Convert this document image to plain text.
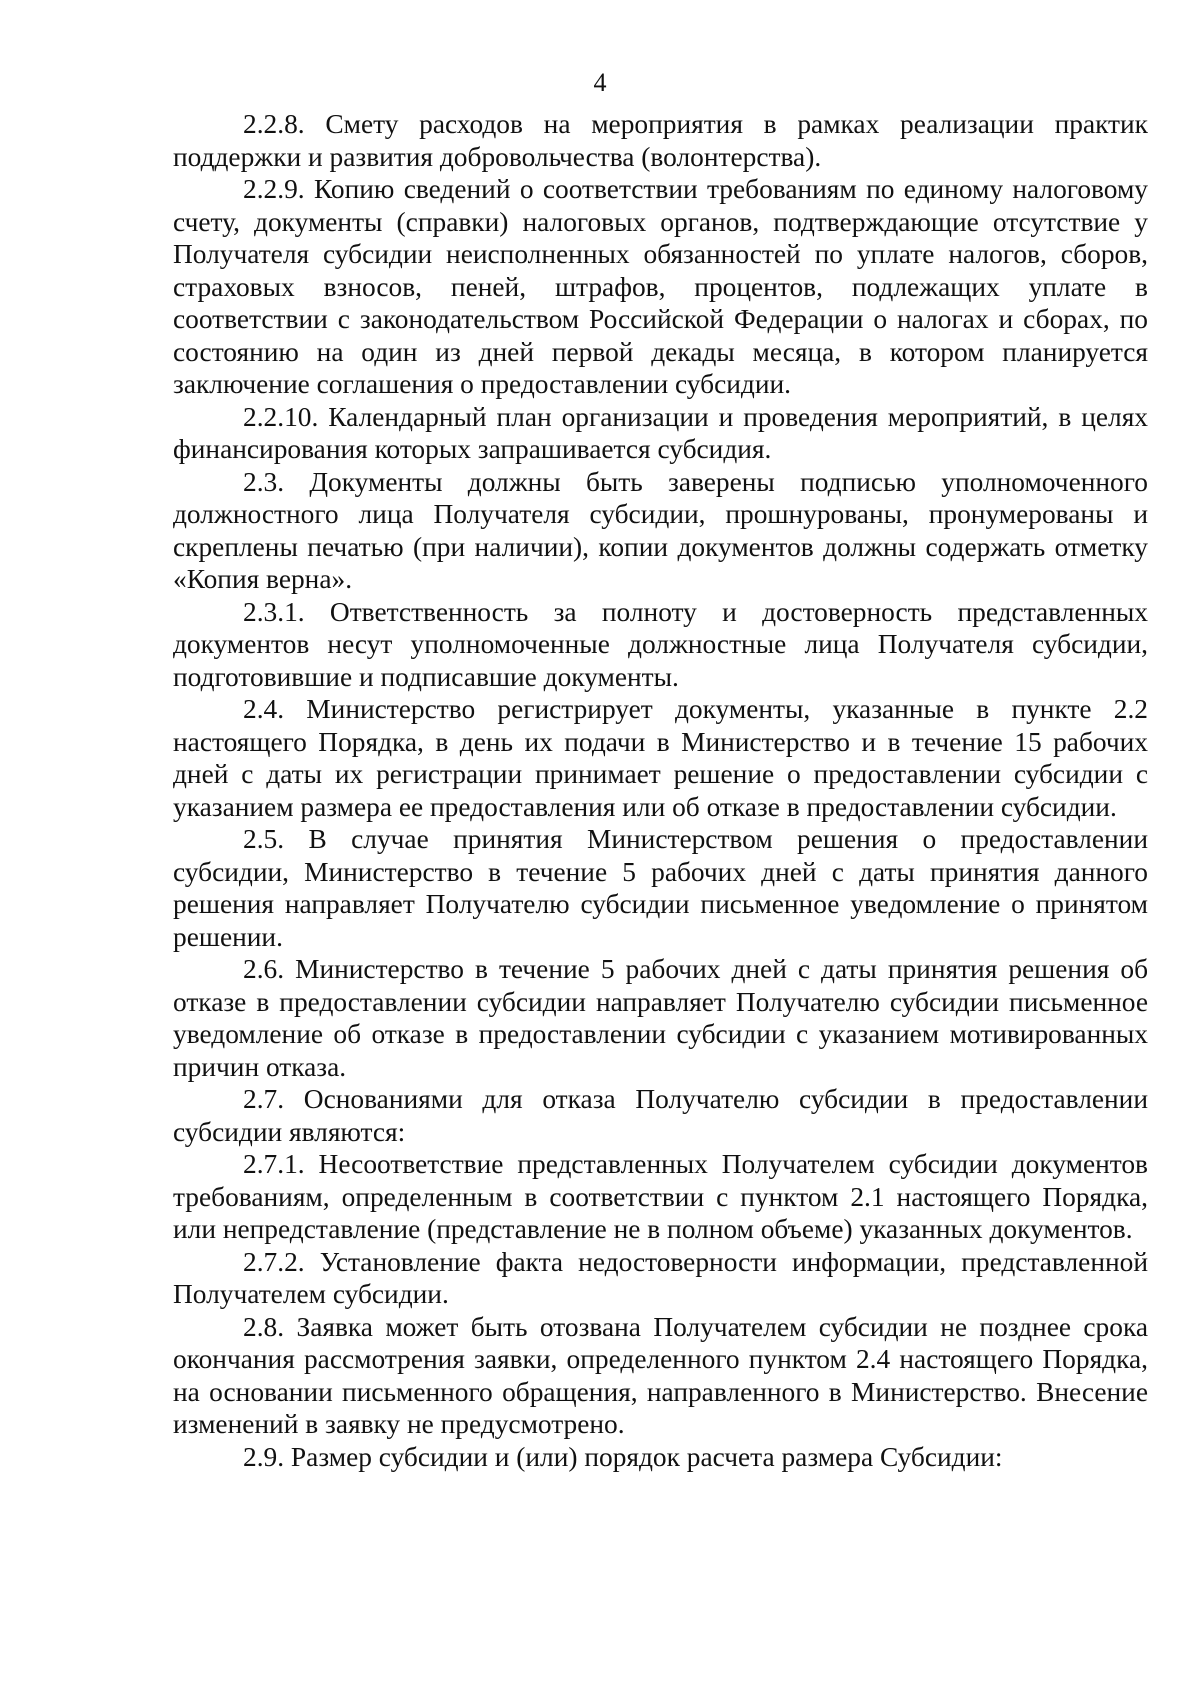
4

2.2.8. Смету расходов на мероприятия в рамках реализации практик поддержки и развития добровольчества (волонтерства).

2.2.9. Копию сведений о соответствии требованиям по единому налоговому счету, документы (справки) налоговых органов, подтверждающие отсутствие у Получателя субсидии неисполненных обязанностей по уплате налогов, сборов, страховых взносов, пеней, штрафов, процентов, подлежащих уплате в соответствии с законодательством Российской Федерации о налогах и сборах, по состоянию на один из дней первой декады месяца, в котором планируется заключение соглашения о предоставлении субсидии.

2.2.10. Календарный план организации и проведения мероприятий, в целях финансирования которых запрашивается субсидия.

2.3. Документы должны быть заверены подписью уполномоченного должностного лица Получателя субсидии, прошнурованы, пронумерованы и скреплены печатью (при наличии), копии документов должны содержать отметку «Копия верна».

2.3.1. Ответственность за полноту и достоверность представленных документов несут уполномоченные должностные лица Получателя субсидии, подготовившие и подписавшие документы.

2.4. Министерство регистрирует документы, указанные в пункте 2.2 настоящего Порядка, в день их подачи в Министерство и в течение 15 рабочих дней с даты их регистрации принимает решение о предоставлении субсидии с указанием размера ее предоставления или об отказе в предоставлении субсидии.

2.5. В случае принятия Министерством решения о предоставлении субсидии, Министерство в течение 5 рабочих дней с даты принятия данного решения направляет Получателю субсидии письменное уведомление о принятом решении.

2.6. Министерство в течение 5 рабочих дней с даты принятия решения об отказе в предоставлении субсидии направляет Получателю субсидии письменное уведомление об отказе в предоставлении субсидии с указанием мотивированных причин отказа.

2.7. Основаниями для отказа Получателю субсидии в предоставлении субсидии являются:

2.7.1. Несоответствие представленных Получателем субсидии документов требованиям, определенным в соответствии с пунктом 2.1 настоящего Порядка, или непредставление (представление не в полном объеме) указанных документов.

2.7.2. Установление факта недостоверности информации, представленной Получателем субсидии.

2.8. Заявка может быть отозвана Получателем субсидии не позднее срока окончания рассмотрения заявки, определенного пунктом 2.4 настоящего Порядка, на основании письменного обращения, направленного в Министерство. Внесение изменений в заявку не предусмотрено.

2.9. Размер субсидии и (или) порядок расчета размера Субсидии:
